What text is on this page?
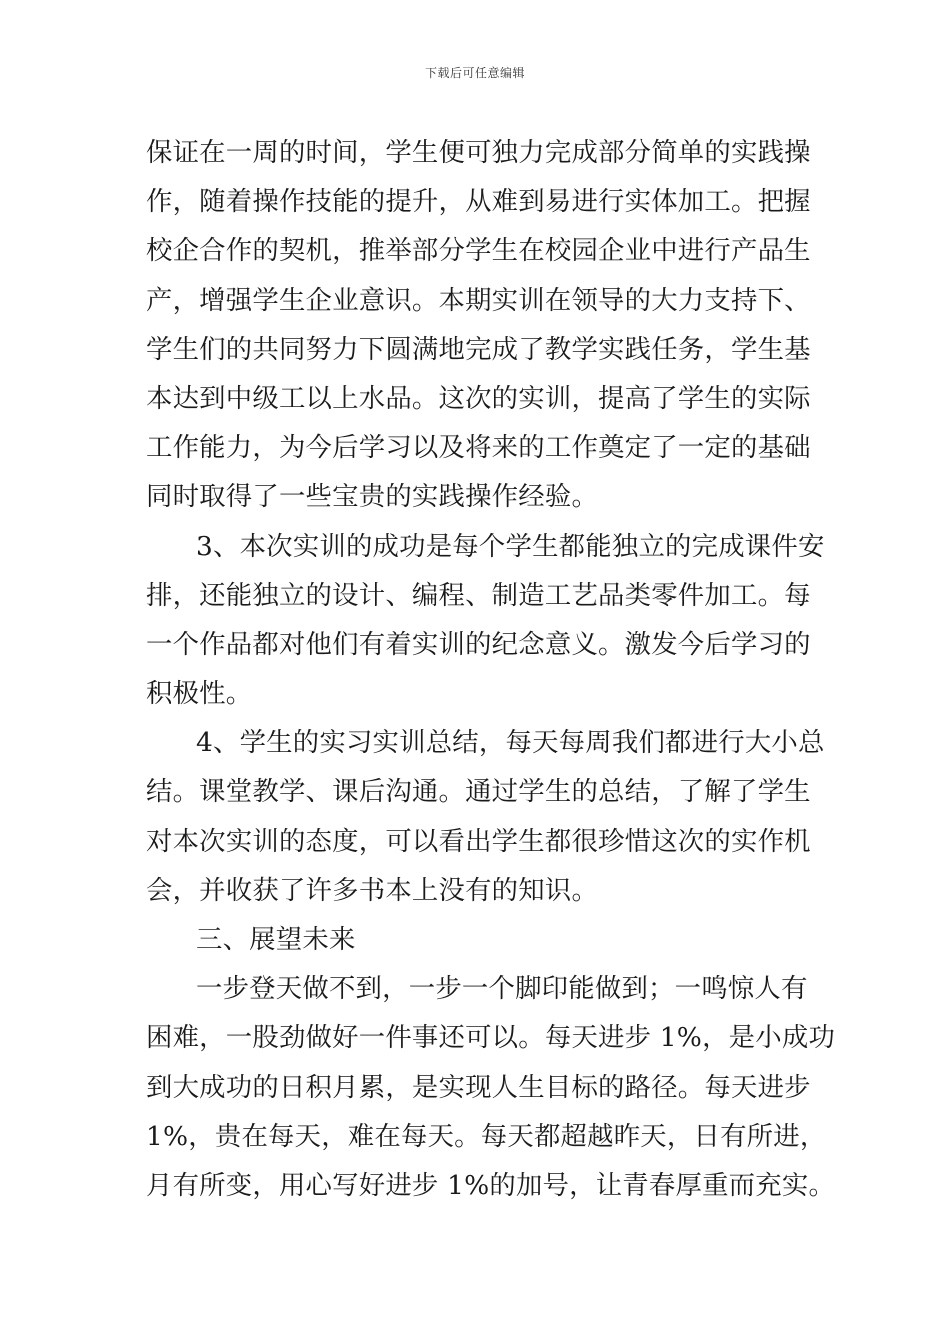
下载后可任意编辑
保证在一周的时间，学生便可独力完成部分简单的实践操
作，随着操作技能的提升，从难到易进行实体加工。把握
校企合作的契机，推举部分学生在校园企业中进行产品生
产，增强学生企业意识。本期实训在领导的大力支持下、
学生们的共同努力下圆满地完成了教学实践任务，学生基
本达到中级工以上水品。这次的实训，提高了学生的实际
工作能力，为今后学习以及将来的工作奠定了一定的基础
同时取得了一些宝贵的实践操作经验。
3、本次实训的成功是每个学生都能独立的完成课件安
排，还能独立的设计、编程、制造工艺品类零件加工。每
一个作品都对他们有着实训的纪念意义。激发今后学习的
积极性。
4、学生的实习实训总结，每天每周我们都进行大小总
结。课堂教学、课后沟通。通过学生的总结，了解了学生
对本次实训的态度，可以看出学生都很珍惜这次的实作机
会，并收获了许多书本上没有的知识。
三、展望未来
一步登天做不到，一步一个脚印能做到；一鸣惊人有
困难，一股劲做好一件事还可以。每天进步 1%，是小成功
到大成功的日积月累，是实现人生目标的路径。每天进步
1%，贵在每天，难在每天。每天都超越昨天，日有所进，
月有所变，用心写好进步 1%的加号，让青春厚重而充实。
